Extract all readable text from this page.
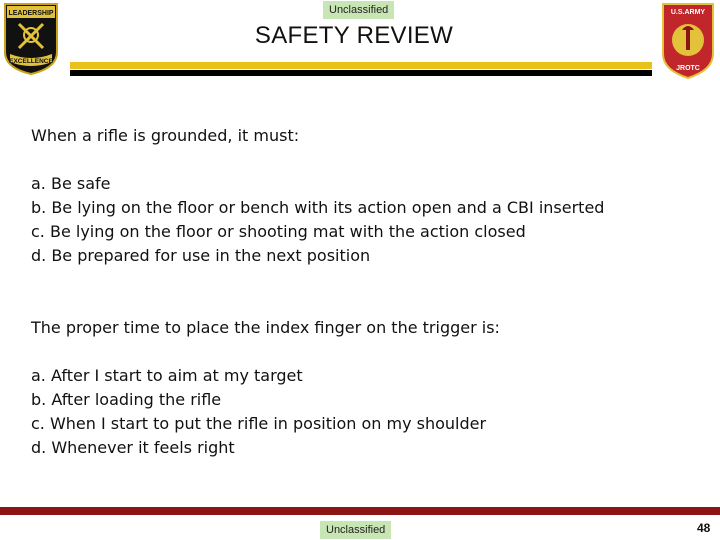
Unclassified
LEADERSHIP
EXCELLENCE
SAFETY REVIEW
U.S.ARMY
JROTC
When a rifle is grounded, it must:
a. Be safe
b. Be lying on the floor or bench with its action open and a CBI inserted
c. Be lying on the floor or shooting mat with the action closed
d. Be prepared for use in the next position
The proper time to place the index finger on the trigger is:
a. After I start to aim at my target
b. After loading the rifle
c. When I start to put the rifle in position on my shoulder
d. Whenever it feels right
Unclassified	48
